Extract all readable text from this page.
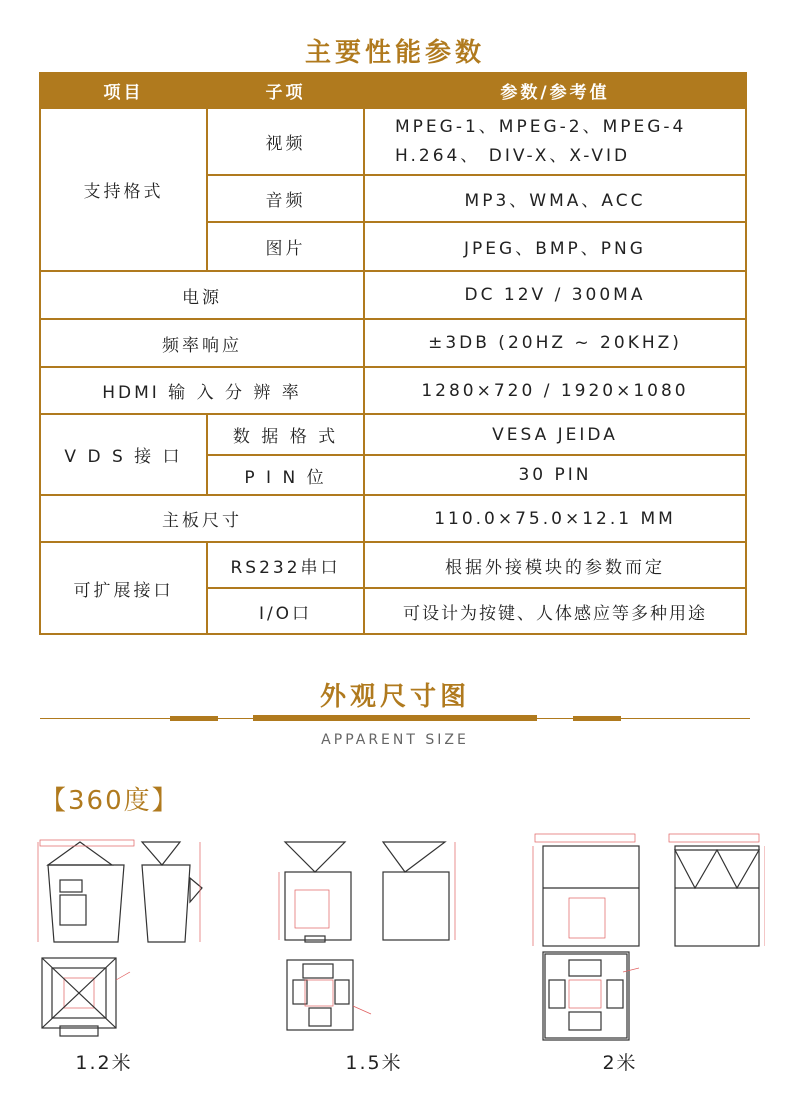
主要性能参数
项目	子项	参数/参考值
支持格式	视频	MPEG-1、MPEG-2、MPEG-4
H.264、 DIV-X、X-VID

	音频	MP3、WMA、ACC
	图片	JPEG、BMP、PNG
电源		DC 12V / 300MA
频率响应		±3DB (20HZ ~ 20KHZ)
HDMI 输 入 分 辨 率		1280×720 / 1920×1080
V D S 接 口	数 据 格 式	VESA JEIDA
	P I N 位	30 PIN
主板尺寸		110.0×75.0×12.1 MM
可扩展接口	RS232串口	根据外接模块的参数而定
	I/O口	可设计为按键、人体感应等多种用途
外观尺寸图
APPARENT SIZE
【360度】
1.2米	1.5米	2米
